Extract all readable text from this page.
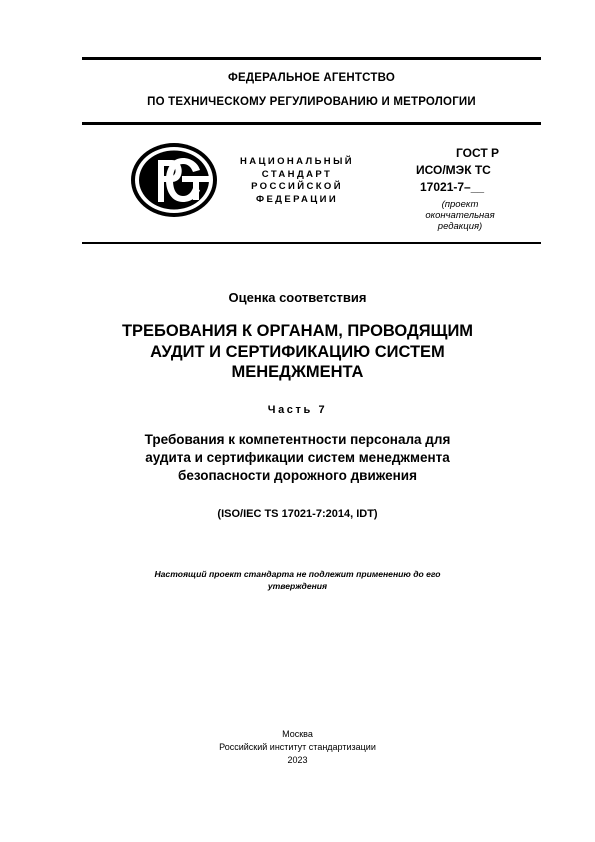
ФЕДЕРАЛЬНОЕ АГЕНТСТВО
ПО ТЕХНИЧЕСКОМУ РЕГУЛИРОВАНИЮ И МЕТРОЛОГИИ
НАЦИОНАЛЬНЫЙ
СТАНДАРТ
РОССИЙСКОЙ
ФЕДЕРАЦИИ
ГОСТ Р
ИСО/МЭК ТС
17021-7–__
(проект
окончательная
редакция)
Оценка соответствия
ТРЕБОВАНИЯ К ОРГАНАМ, ПРОВОДЯЩИМ
АУДИТ И СЕРТИФИКАЦИЮ СИСТЕМ
МЕНЕДЖМЕНТА
Часть 7
Требования к компетентности персонала для
аудита и сертификации систем менеджмента
безопасности дорожного движения
(ISO/IEC TS 17021-7:2014, IDT)
Настоящий проект стандарта не подлежит применению до его
утверждения
Москва
Российский институт стандартизации
2023
